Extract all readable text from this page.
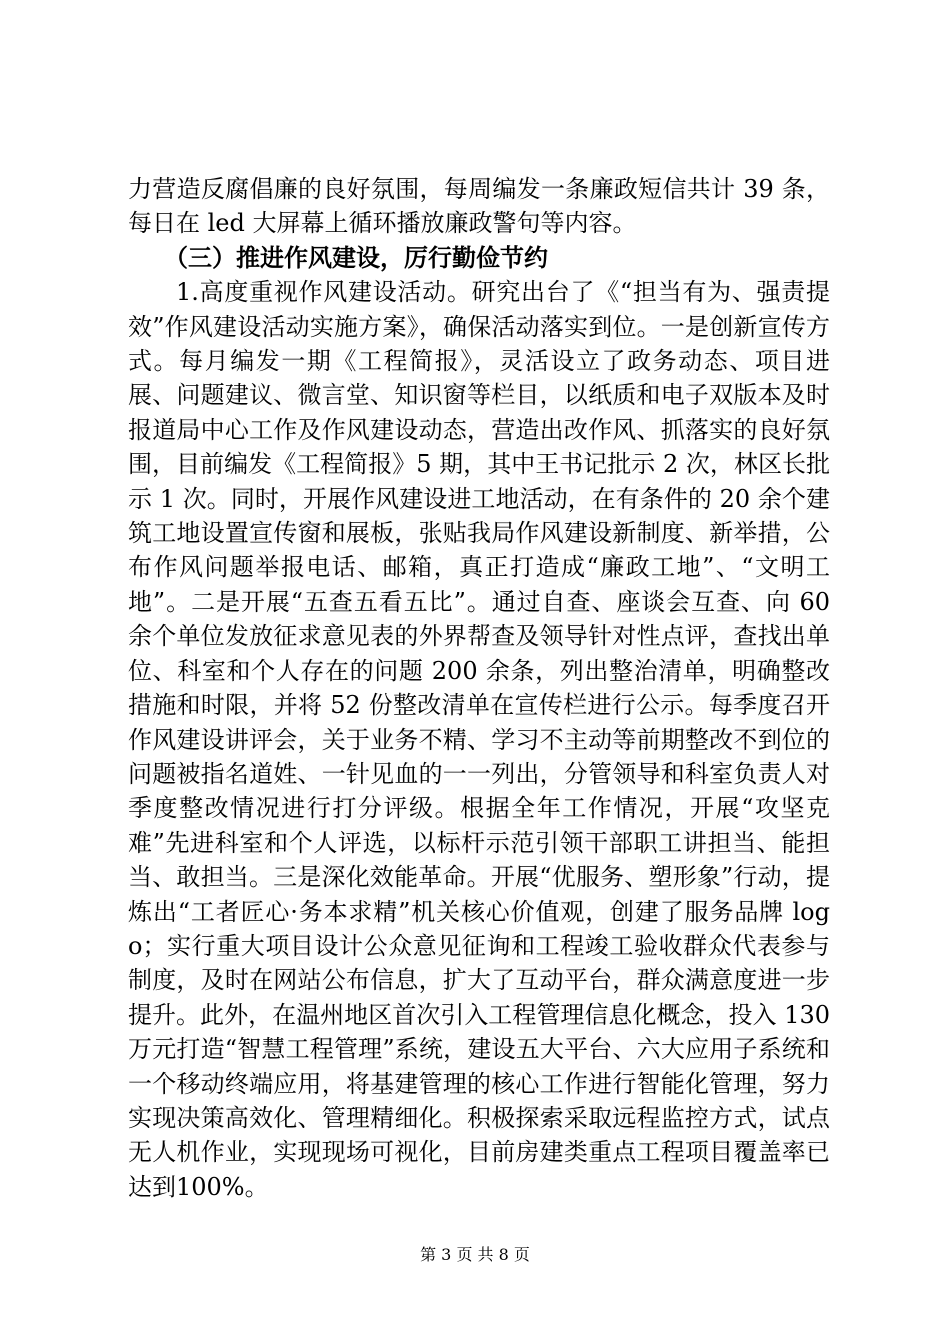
力营造反腐倡廉的良好氛围，每周编发一条廉政短信共计 39 条，每日在 led 大屏幕上循环播放廉政警句等内容。

（三）推进作风建设，厉行勤俭节约

1.高度重视作风建设活动。研究出台了《“担当有为、强责提效”作风建设活动实施方案》，确保活动落实到位。一是创新宣传方式。每月编发一期《工程简报》，灵活设立了政务动态、项目进展、问题建议、微言堂、知识窗等栏目，以纸质和电子双版本及时报道局中心工作及作风建设动态，营造出改作风、抓落实的良好氛围，目前编发《工程简报》5 期，其中王书记批示 2 次，林区长批示 1 次。同时，开展作风建设进工地活动，在有条件的 20 余个建筑工地设置宣传窗和展板，张贴我局作风建设新制度、新举措，公布作风问题举报电话、邮箱，真正打造成“廉政工地”、“文明工地”。二是开展“五查五看五比”。通过自查、座谈会互查、向 60 余个单位发放征求意见表的外界帮查及领导针对性点评，查找出单位、科室和个人存在的问题 200 余条，列出整治清单，明确整改措施和时限，并将 52 份整改清单在宣传栏进行公示。每季度召开作风建设讲评会，关于业务不精、学习不主动等前期整改不到位的问题被指名道姓、一针见血的一一列出，分管领导和科室负责人对季度整改情况进行打分评级。根据全年工作情况，开展“攻坚克难”先进科室和个人评选，以标杆示范引领干部职工讲担当、能担当、敢担当。三是深化效能革命。开展“优服务、塑形象”行动，提炼出“工者匠心·务本求精”机关核心价值观，创建了服务品牌 logo；实行重大项目设计公众意见征询和工程竣工验收群众代表参与制度，及时在网站公布信息，扩大了互动平台，群众满意度进一步提升。此外，在温州地区首次引入工程管理信息化概念，投入 130 万元打造“智慧工程管理”系统，建设五大平台、六大应用子系统和一个移动终端应用，将基建管理的核心工作进行智能化管理，努力实现决策高效化、管理精细化。积极探索采取远程监控方式，试点无人机作业，实现现场可视化，目前房建类重点工程项目覆盖率已达到100%。

第 3 页 共 8 页
